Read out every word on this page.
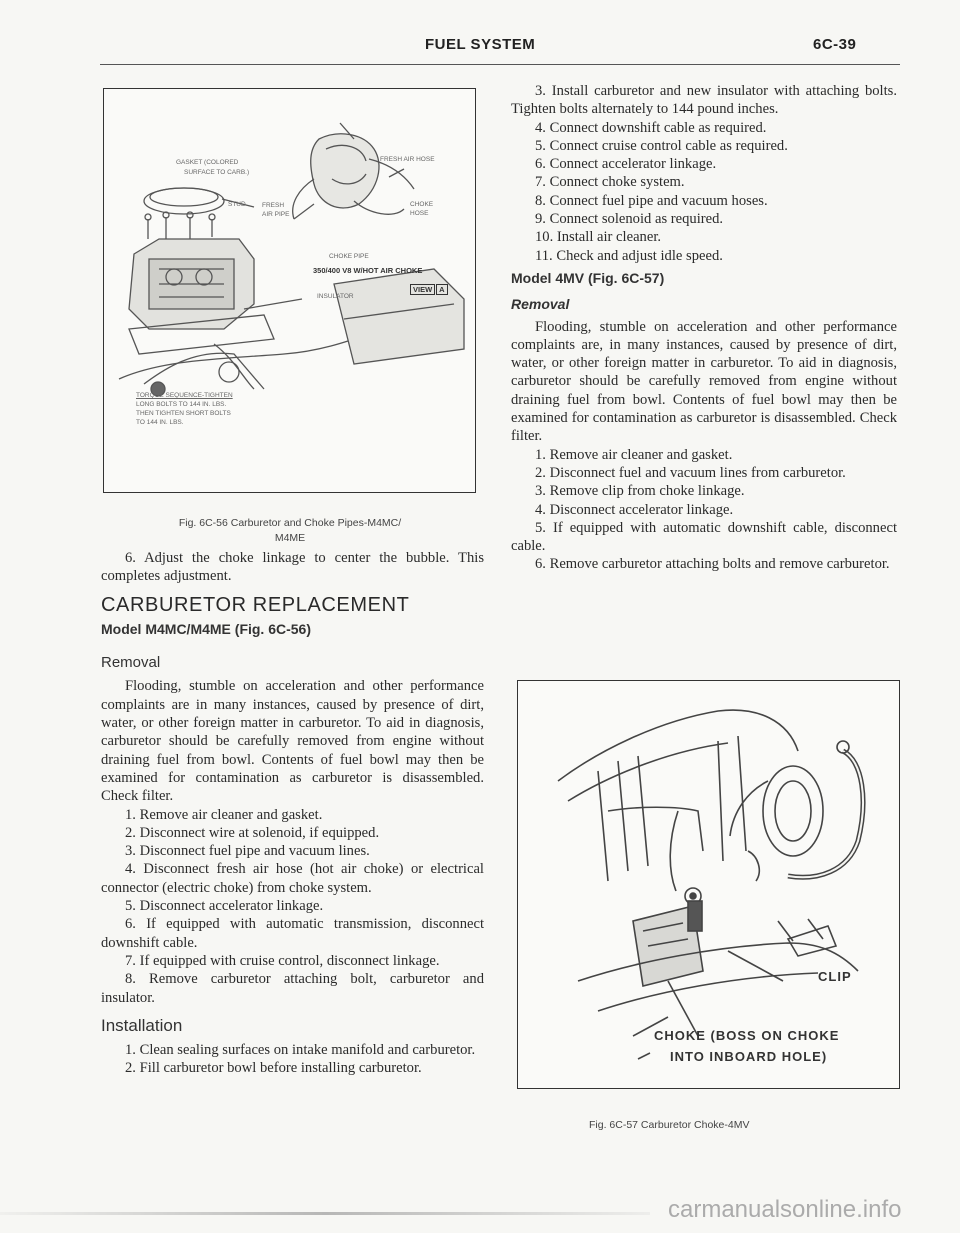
FUEL SYSTEM	6C-39
GASKET (COLORED
SURFACE TO CARB.)
STUD
FRESH AIR HOSE
FRESH
AIR PIPE
CHOKE
HOSE
CHOKE PIPE
350/400 V8 W/HOT AIR CHOKE
VIEW A
INSULATOR
TORQUE SEQUENCE-TIGHTEN
LONG BOLTS TO 144 IN. LBS.
THEN TIGHTEN SHORT BOLTS
TO 144 IN. LBS.
Fig. 6C-56 Carburetor and Choke Pipes-M4MC/
M4ME

6. Adjust the choke linkage to center the bubble. This completes adjustment.

CARBURETOR REPLACEMENT
Model M4MC/M4ME (Fig. 6C-56)
Removal

Flooding, stumble on acceleration and other performance complaints are in many instances, caused by presence of dirt, water, or other foreign matter in carburetor. To aid in diagnosis, carburetor should be carefully removed from engine without draining fuel from bowl. Contents of fuel bowl may then be examined for contamination as carburetor is disassembled. Check filter.

1. Remove air cleaner and gasket.

2. Disconnect wire at solenoid, if equipped.

3. Disconnect fuel pipe and vacuum lines.

4. Disconnect fresh air hose (hot air choke) or electrical connector (electric choke) from choke system.

5. Disconnect accelerator linkage.

6. If equipped with automatic transmission, disconnect downshift cable.

7. If equipped with cruise control, disconnect linkage.

8. Remove carburetor attaching bolt, carburetor and insulator.

Installation

1. Clean sealing surfaces on intake manifold and carburetor.

2. Fill carburetor bowl before installing carburetor.

3. Install carburetor and new insulator with attaching bolts. Tighten bolts alternately to 144 pound inches.

4. Connect downshift cable as required.

5. Connect cruise control cable as required.

6. Connect accelerator linkage.

7. Connect choke system.

8. Connect fuel pipe and vacuum hoses.

9. Connect solenoid as required.

10. Install air cleaner.

11. Check and adjust idle speed.

Model 4MV (Fig. 6C-57)
Removal

Flooding, stumble on acceleration and other performance complaints are, in many instances, caused by presence of dirt, water, or other foreign matter in carburetor. To aid in diagnosis, carburetor should be carefully removed from engine without draining fuel from bowl. Contents of fuel bowl may then be examined for contamination as carburetor is disassembled. Check filter.

1. Remove air cleaner and gasket.

2. Disconnect fuel and vacuum lines from carburetor.

3. Remove clip from choke linkage.

4. Disconnect accelerator linkage.

5. If equipped with automatic downshift cable, disconnect cable.

6. Remove carburetor attaching bolts and remove carburetor.

CLIP
CHOKE (BOSS ON CHOKE
INTO INBOARD HOLE)
Fig. 6C-57 Carburetor Choke-4MV
carmanualsonline.info
